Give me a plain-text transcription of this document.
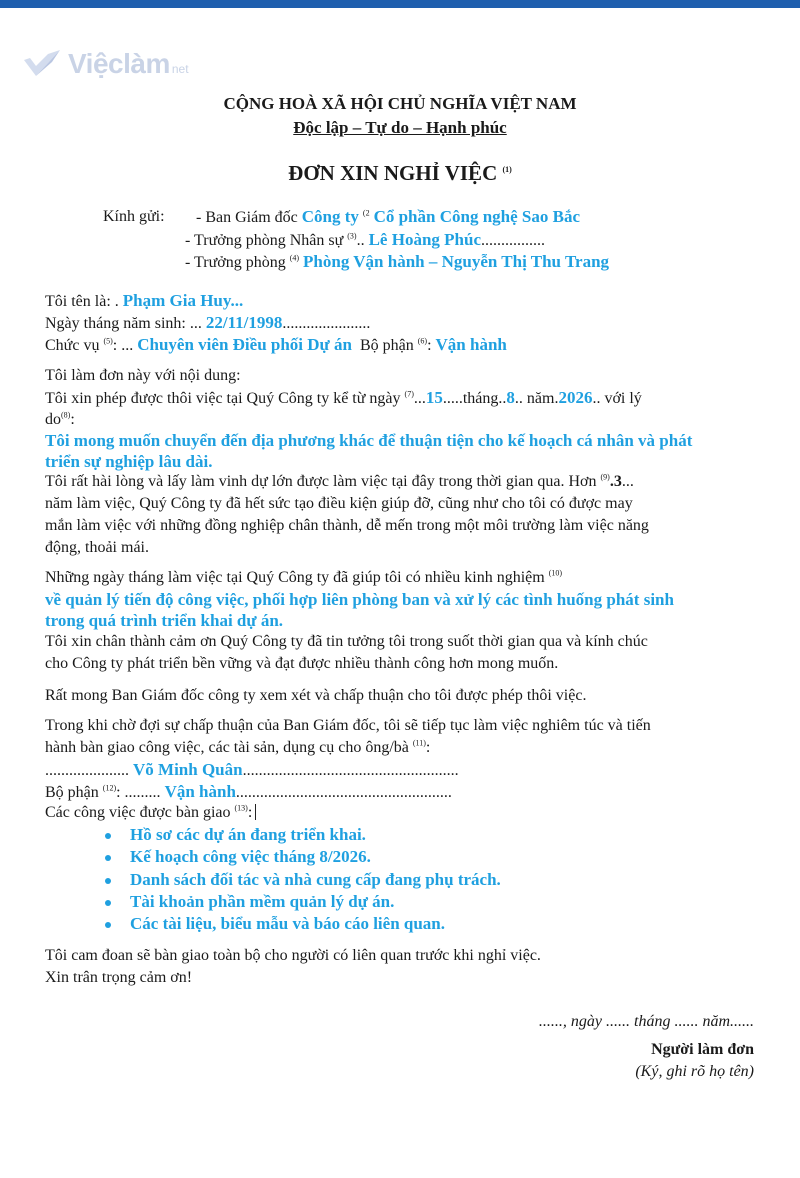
Việclàm net
CỘNG HOÀ XÃ HỘI CHỦ NGHĨA VIỆT NAM
Độc lập – Tự do – Hạnh phúc
ĐƠN XIN NGHỈ VIỆC $^{(1)}$
Kính gửi: - Ban Giám đốc Công ty $^{(2}$ Cổ phần Công nghệ Sao Bắc
- Trưởng phòng Nhân sự $^{(3)}$.. Lê Hoàng Phúc................
- Trưởng phòng $^{(4)}$ Phòng Vận hành – Nguyễn Thị Thu Trang
Tôi tên là: . Phạm Gia Huy...
Ngày tháng năm sinh: ... 22/11/1998......................
Chức vụ $^{(5)}$: ... Chuyên viên Điều phối Dự án Bộ phận $^{(6)}$: Vận hành
Tôi làm đơn này với nội dung:
Tôi xin phép được thôi việc tại Quý Công ty kể từ ngày $^{(7)}$...15.....tháng..8.. năm.2026.. với lý
$do^{(8)}$:
Tôi mong muốn chuyển đến địa phương khác để thuận tiện cho kế hoạch cá nhân và phát
triển sự nghiệp lâu dài.
Tôi rất hài lòng và lấy làm vinh dự lớn được làm việc tại đây trong thời gian qua. Hơn $^{(9)}$.3...
năm làm việc, Quý Công ty đã hết sức tạo điều kiện giúp đỡ, cũng như cho tôi có được may
mắn làm việc với những đồng nghiệp chân thành, dễ mến trong một môi trường làm việc năng
động, thoải mái.
Những ngày tháng làm việc tại Quý Công ty đã giúp tôi có nhiều kinh nghiệm $^{(10)}$
về quản lý tiến độ công việc, phối hợp liên phòng ban và xử lý các tình huống phát sinh
trong quá trình triển khai dự án.
Tôi xin chân thành cảm ơn Quý Công ty đã tin tưởng tôi trong suốt thời gian qua và kính chúc
cho Công ty phát triển bền vững và đạt được nhiều thành công hơn mong muốn.
Rất mong Ban Giám đốc công ty xem xét và chấp thuận cho tôi được phép thôi việc.
Trong khi chờ đợi sự chấp thuận của Ban Giám đốc, tôi sẽ tiếp tục làm việc nghiêm túc và tiến
hành bàn giao công việc, các tài sản, dụng cụ cho ông/bà $^{(11)}$:
..................... Võ Minh Quân......................................................
Bộ phận $^{(12)}$: ......... Vận hành......................................................
Các công việc được bàn giao $^{(13)}$:
Hồ sơ các dự án đang triển khai.
Kế hoạch công việc tháng 8/2026.
Danh sách đối tác và nhà cung cấp đang phụ trách.
Tài khoản phần mềm quản lý dự án.
Các tài liệu, biểu mẫu và báo cáo liên quan.
Tôi cam đoan sẽ bàn giao toàn bộ cho người có liên quan trước khi nghỉ việc.
Xin trân trọng cảm ơn!
......, ngày ...... tháng ...... năm......
Người làm đơn
(Ký, ghi rõ họ tên)
